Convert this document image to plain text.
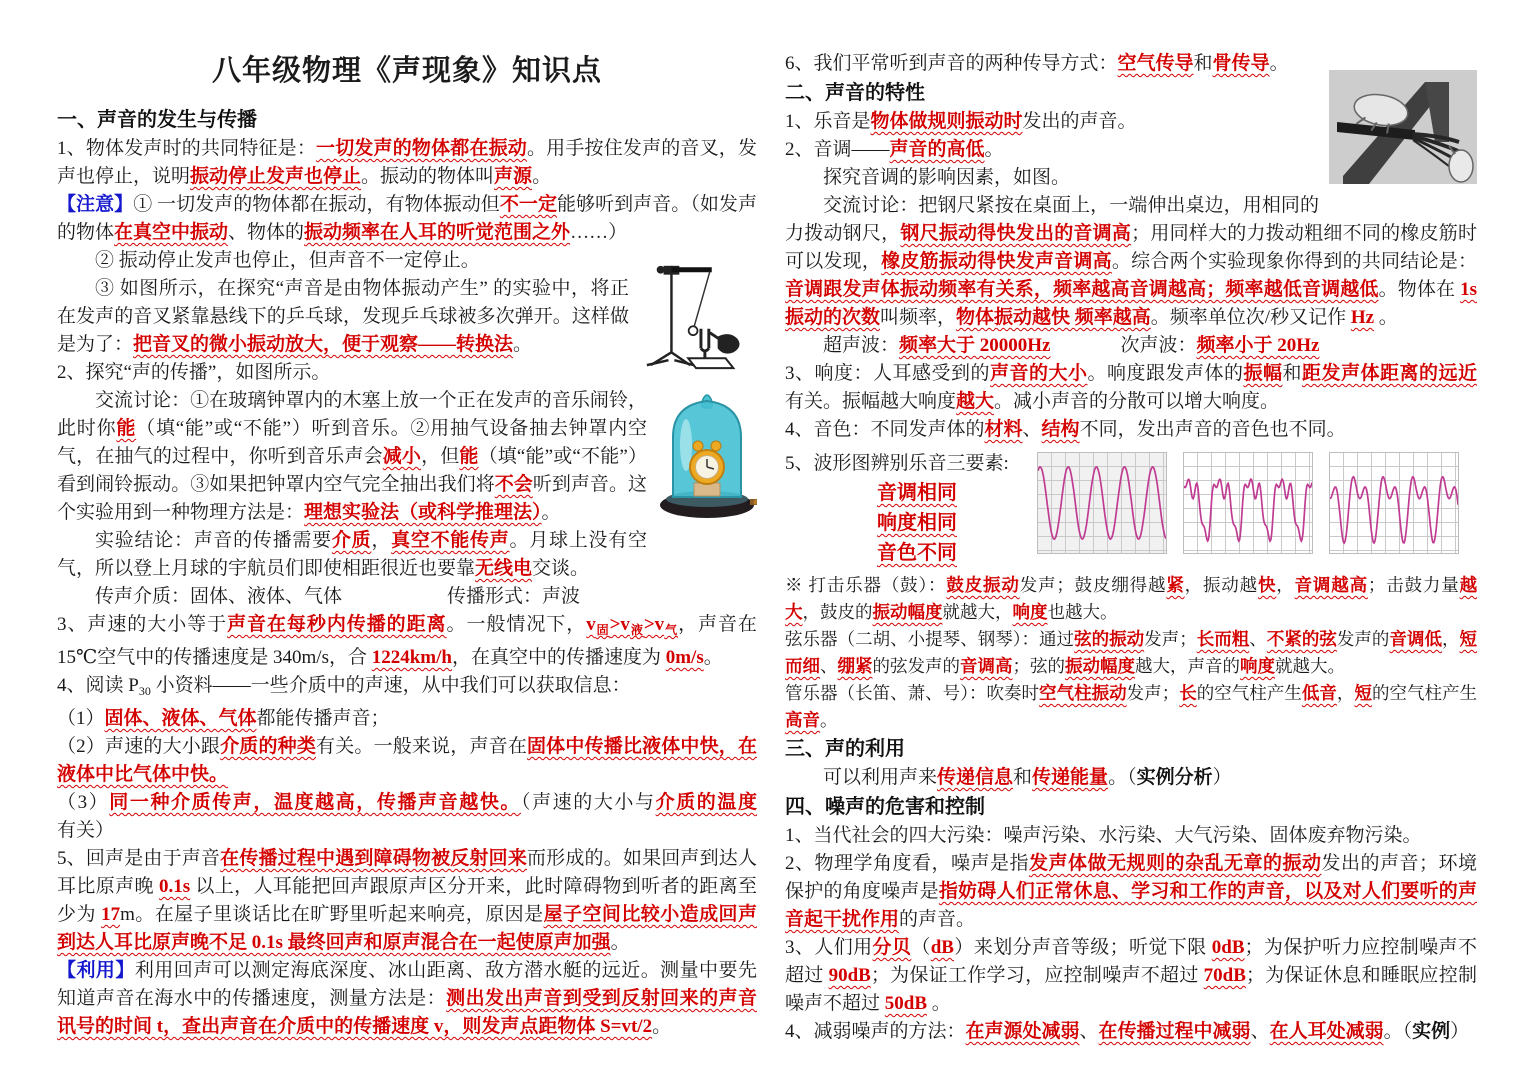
八年级物理《声现象》知识点

一、声音的发生与传播

1、物体发声时的共同特征是：一切发声的物体都在振动。用手按住发声的音叉，发声也停止，说明振动停止发声也停止。振动的物体叫声源。

【注意】① 一切发声的物体都在振动，有物体振动但不一定能够听到声音。（如发声的物体在真空中振动、物体的振动频率在人耳的听觉范围之外……）

② 振动停止发声也停止，但声音不一定停止。

③ 如图所示，在探究“声音是由物体振动产生” 的实验中，将正在发声的音叉紧靠悬线下的乒乓球，发现乒乓球被多次弹开。这样做是为了：把音叉的微小振动放大，便于观察——转换法。

2、探究“声的传播”，如图所示。

交流讨论：①在玻璃钟罩内的木塞上放一个正在发声的音乐闹铃，此时你能（填“能”或“不能”）听到音乐。②用抽气设备抽去钟罩内空气，在抽气的过程中，你听到音乐声会减小，但能（填“能”或“不能”）看到闹铃振动。③如果把钟罩内空气完全抽出我们将不会听到声音。这个实验用到一种物理方法是：理想实验法（或科学推理法）。

实验结论：声音的传播需要介质，真空不能传声。月球上没有空气，所以登上月球的宇航员们即使相距很近也要靠无线电交谈。

传声介质：固体、液体、气体	传播形式：声波

3、声速的大小等于声音在每秒内传播的距离。一般情况下，$v_固>v_液>v_气$，声音在 15℃空气中的传播速度是 340m/s，合 1224km/h，在真空中的传播速度为 0m/s。

4、阅读 $P_{30}$ 小资料——一些介质中的声速，从中我们可以获取信息：

（1）固体、液体、气体都能传播声音；

（2）声速的大小跟介质的种类有关。一般来说，声音在固体中传播比液体中快，在液体中比气体中快。

（3）同一种介质传声，温度越高，传播声音越快。（声速的大小与介质的温度有关）

5、回声是由于声音在传播过程中遇到障碍物被反射回来而形成的。如果回声到达人耳比原声晚 0.1s 以上，人耳能把回声跟原声区分开来，此时障碍物到听者的距离至少为 17m。在屋子里谈话比在旷野里听起来响亮，原因是屋子空间比较小造成回声到达人耳比原声晚不足 0.1s 最终回声和原声混合在一起使原声加强。

【利用】利用回声可以测定海底深度、冰山距离、敌方潜水艇的远近。测量中要先知道声音在海水中的传播速度，测量方法是：测出发出声音到受到反射回来的声音讯号的时间 t，查出声音在介质中的传播速度 v，则发声点距物体 S=vt/2。

6、我们平常听到声音的两种传导方式：空气传导和骨传导。

二、声音的特性

1、乐音是物体做规则振动时发出的声音。

2、音调——声音的高低。

探究音调的影响因素，如图。

交流讨论：把钢尺紧按在桌面上，一端伸出桌边，用相同的力拨动钢尺，钢尺振动得快发出的音调高；用同样大的力拨动粗细不同的橡皮筋时可以发现，橡皮筋振动得快发声音调高。综合两个实验现象你得到的共同结论是：音调跟发声体振动频率有关系，频率越高音调越高；频率越低音调越低。物体在 1s 振动的次数叫频率，物体振动越快 频率越高。频率单位次/秒又记作 Hz 。

超声波：频率大于 20000Hz	次声波：频率小于 20Hz

3、响度：人耳感受到的声音的大小。响度跟发声体的振幅和距发声体距离的远近有关。振幅越大响度越大。减小声音的分散可以增大响度。

4、音色：不同发声体的材料、结构不同，发出声音的音色也不同。

5、波形图辨别乐音三要素:

音调相同
响度相同
音色不同

※ 打击乐器（鼓）：鼓皮振动发声；鼓皮绷得越紧，振动越快，音调越高；击鼓力量越大，鼓皮的振动幅度就越大，响度也越大。

弦乐器（二胡、小提琴、钢琴）：通过弦的振动发声；长而粗、不紧的弦发声的音调低，短而细、绷紧的弦发声的音调高；弦的振动幅度越大，声音的响度就越大。

管乐器（长笛、萧、号）：吹奏时空气柱振动发声；长的空气柱产生低音，短的空气柱产生高音。

三、声的利用

可以利用声来传递信息和传递能量。（实例分析）

四、噪声的危害和控制

1、当代社会的四大污染：噪声污染、水污染、大气污染、固体废弃物污染。

2、物理学角度看，噪声是指发声体做无规则的杂乱无章的振动发出的声音；环境保护的角度噪声是指妨碍人们正常休息、学习和工作的声音，以及对人们要听的声音起干扰作用的声音。

3、人们用分贝（dB）来划分声音等级；听觉下限 0dB；为保护听力应控制噪声不超过 90dB；为保证工作学习，应控制噪声不超过 70dB；为保证休息和睡眠应控制噪声不超过 50dB 。

4、减弱噪声的方法：在声源处减弱、在传播过程中减弱、在人耳处减弱。（实例）
